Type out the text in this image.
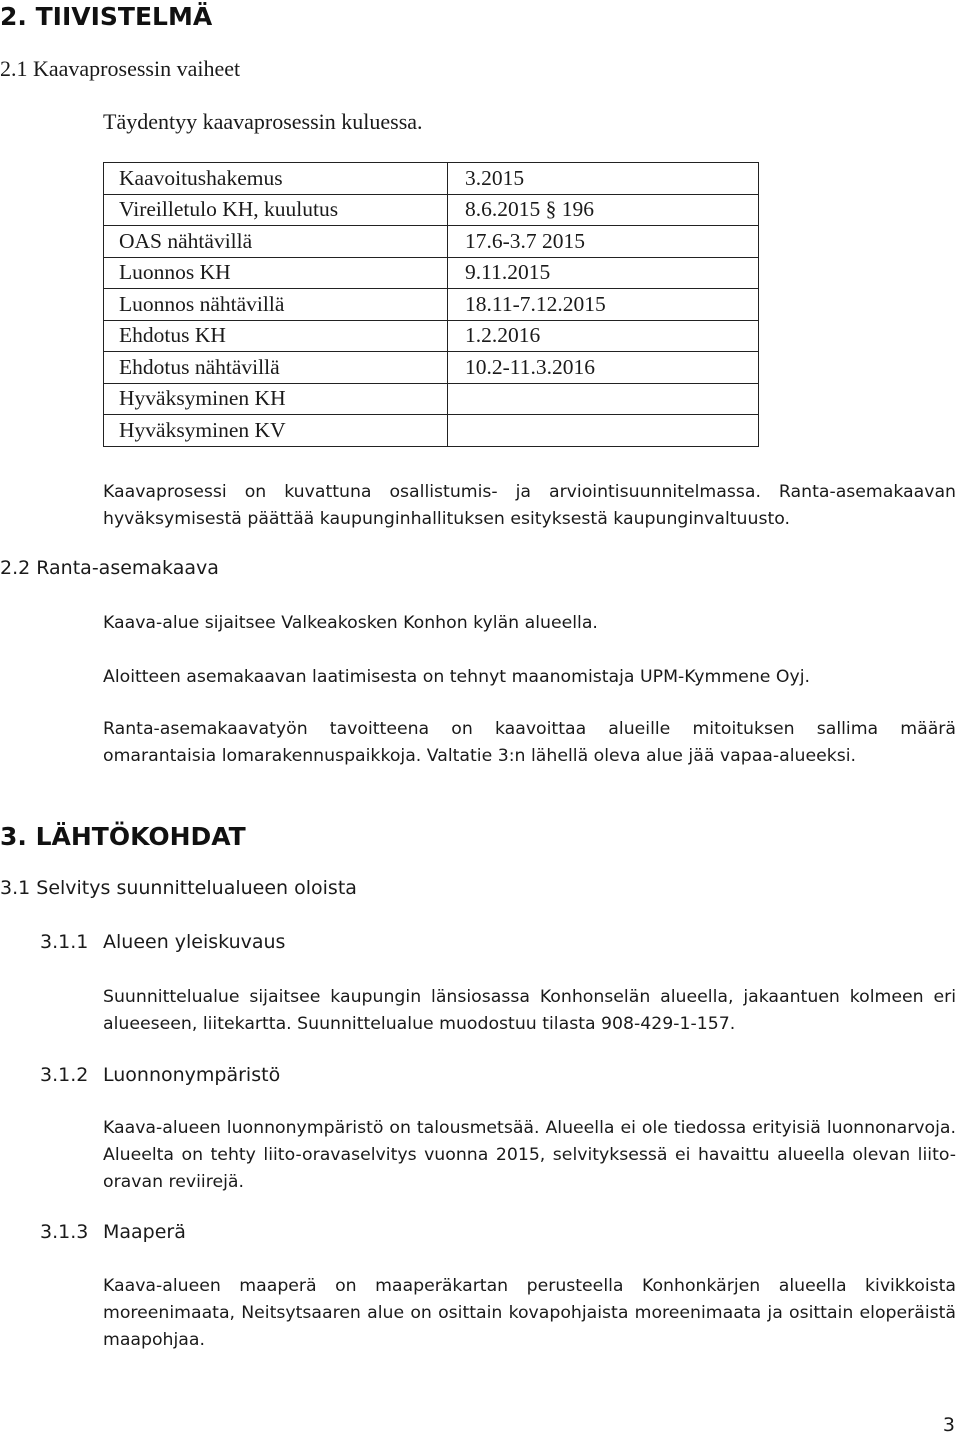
2. TIIVISTELMÄ
2.1 Kaavaprosessin vaiheet
Täydentyy kaavaprosessin kuluessa.
Kaavoitushakemus	3.2015
Vireilletulo KH, kuulutus	8.6.2015 § 196
OAS nähtävillä	17.6-3.7 2015
Luonnos KH	9.11.2015
Luonnos nähtävillä	18.11-7.12.2015
Ehdotus KH	1.2.2016
Ehdotus nähtävillä	10.2-11.3.2016
Hyväksyminen KH	
Hyväksyminen KV	
Kaavaprosessi on kuvattuna osallistumis- ja arviointisuunnitelmassa. Ranta-asemakaavan hyväksymisestä päättää kaupunginhallituksen esityksestä kaupunginvaltuusto.
2.2 Ranta-asemakaava
Kaava-alue sijaitsee Valkeakosken Konhon kylän alueella.
Aloitteen asemakaavan laatimisesta on tehnyt maanomistaja UPM-Kymmene Oyj.
Ranta-asemakaavatyön tavoitteena on kaavoittaa alueille mitoituksen sallima määrä omarantaisia lomarakennuspaikkoja. Valtatie 3:n lähellä oleva alue jää vapaa-alueeksi.
3. LÄHTÖKOHDAT
3.1 Selvitys suunnittelualueen oloista
3.1.1 Alueen yleiskuvaus
Suunnittelualue sijaitsee kaupungin länsiosassa Konhonselän alueella, jakaantuen kolmeen eri alueeseen, liitekartta. Suunnittelualue muodostuu tilasta 908-429-1-157.
3.1.2 Luonnonympäristö
Kaava-alueen luonnonympäristö on talousmetsää. Alueella ei ole tiedossa erityisiä luonnonarvoja. Alueelta on tehty liito-oravaselvitys vuonna 2015, selvityksessä ei havaittu alueella olevan liito-oravan reviirejä.
3.1.3 Maaperä
Kaava-alueen maaperä on maaperäkartan perusteella Konhonkärjen alueella kivikkoista moreenimaata, Neitsytsaaren alue on osittain kovapohjaista moreenimaata ja osittain eloperäistä maapohjaa.
3
